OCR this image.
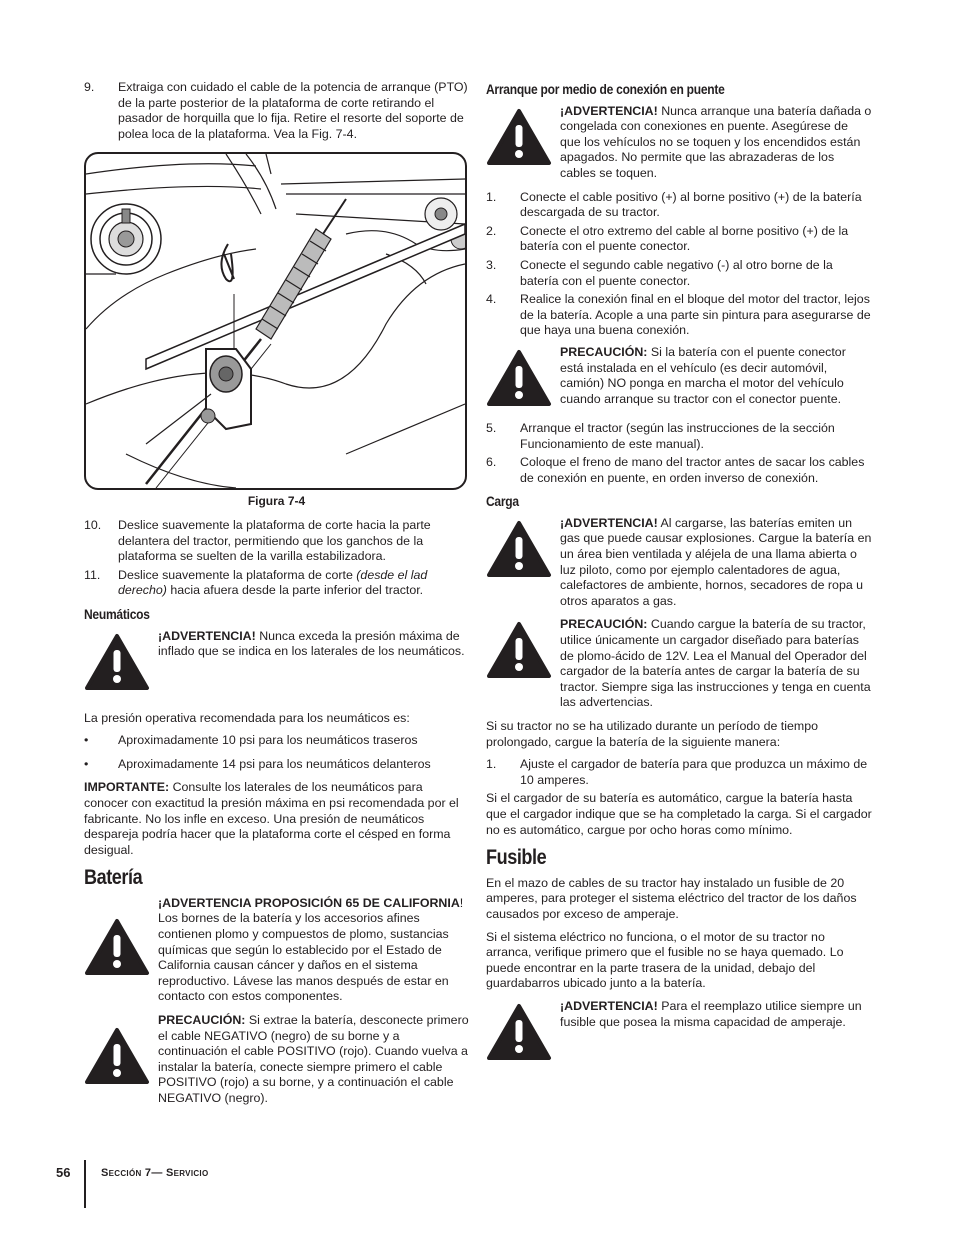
9. Extraiga con cuidado el cable de la potencia de arranque (PTO) de la parte posterior de la plataforma de corte retirando el pasador de horquilla que lo fija. Retire el resorte del soporte de polea loca de la plataforma. Vea la Fig. 7-4.
Figura 7-4
10. Deslice suavemente la plataforma de corte hacia la parte delantera del tractor, permitiendo que los ganchos de la plataforma se suelten de la varilla estabilizadora.
11. Deslice suavemente la plataforma de corte (desde el lad derecho) hacia afuera desde la parte inferior del tractor.
Neumáticos
¡ADVERTENCIA! Nunca exceda la presión máxima de inflado que se indica en los laterales de los neumáticos.

La presión operativa recomendada para los neumáticos es:

• Aproximadamente 10 psi para los neumáticos traseros
• Aproximadamente 14 psi para los neumáticos delanteros

IMPORTANTE: Consulte los laterales de los neumáticos para conocer con exactitud la presión máxima en psi recomendada por el fabricante. No los infle en exceso. Una presión de neumáticos despareja podría hacer que la plataforma corte el césped en forma desigual.

Batería
¡ADVERTENCIA PROPOSICIÓN 65 DE CALIFORNIA! Los bornes de la batería y los accesorios afines contienen plomo y compuestos de plomo, sustancias químicas que según lo establecido por el Estado de California causan cáncer y daños en el sistema reproductivo. Lávese las manos después de estar en contacto con estos componentes.
PRECAUCIÓN: Si extrae la batería, desconecte primero el cable NEGATIVO (negro) de su borne y a continuación el cable POSITIVO (rojo). Cuando vuelva a instalar la batería, conecte siempre primero el cable POSITIVO (rojo) a su borne, y a continuación el cable NEGATIVO (negro).
Arranque por medio de conexión en puente
¡ADVERTENCIA! Nunca arranque una batería dañada o congelada con conexiones en puente. Asegúrese de que los vehículos no se toquen y los encendidos están apagados. No permite que las abrazaderas de los cables se toquen.
1. Conecte el cable positivo (+) al borne positivo (+) de la batería descargada de su tractor.
2. Conecte el otro extremo del cable al borne positivo (+) de la batería con el puente conector.
3. Conecte el segundo cable negativo (-) al otro borne de la batería con el puente conector.
4. Realice la conexión final en el bloque del motor del tractor, lejos de la batería. Acople a una parte sin pintura para asegurarse de que haya una buena conexión.
PRECAUCIÓN: Si la batería con el puente conector está instalada en el vehículo (es decir automóvil, camión) NO ponga en marcha el motor del vehículo cuando arranque su tractor con el conector puente.
5. Arranque el tractor (según las instrucciones de la sección Funcionamiento de este manual).
6. Coloque el freno de mano del tractor antes de sacar los cables de conexión en puente, en orden inverso de conexión.
Carga
¡ADVERTENCIA! Al cargarse, las baterías emiten un gas que puede causar explosiones. Cargue la batería en un área bien ventilada y aléjela de una llama abierta o luz piloto, como por ejemplo calentadores de agua, calefactores de ambiente, hornos, secadores de ropa u otros aparatos a gas.
PRECAUCIÓN: Cuando cargue la batería de su tractor, utilice únicamente un cargador diseñado para baterías de plomo-ácido de 12V. Lea el Manual del Operador del cargador de la batería antes de cargar la batería de su tractor. Siempre siga las instrucciones y tenga en cuenta las advertencias.

Si su tractor no se ha utilizado durante un período de tiempo prolongado, cargue la batería de la siguiente manera:

1. Ajuste el cargador de batería para que produzca un máximo de 10 amperes.

Si el cargador de su batería es automático, cargue la batería hasta que el cargador indique que se ha completado la carga. Si el cargador no es automático, cargue por ocho horas como mínimo.

Fusible

En el mazo de cables de su tractor hay instalado un fusible de 20 amperes, para proteger el sistema eléctrico del tractor de los daños causados por exceso de amperaje.

Si el sistema eléctrico no funciona, o el motor de su tractor no arranca, verifique primero que el fusible no se haya quemado. Lo puede encontrar en la parte trasera de la unidad, debajo del guardabarros ubicado junto a la batería.

¡ADVERTENCIA! Para el reemplazo utilice siempre un fusible que posea la misma capacidad de amperaje.
56	Sección 7— Servicio
